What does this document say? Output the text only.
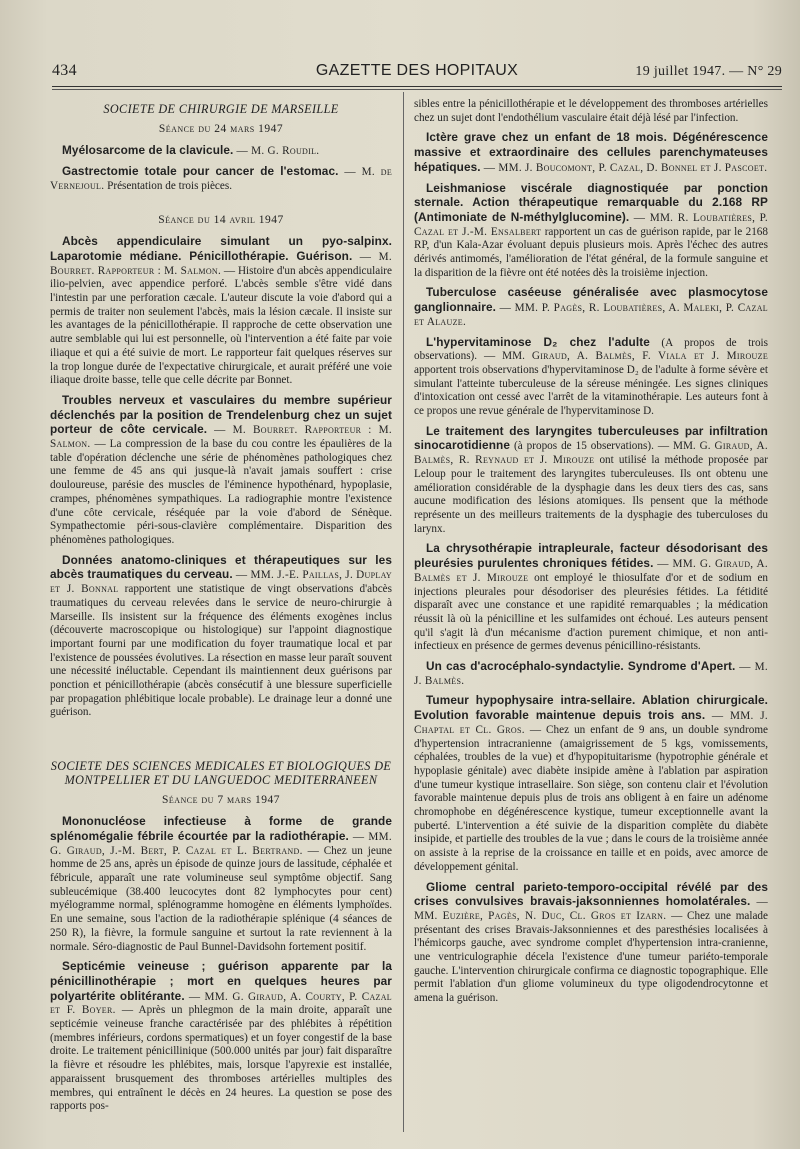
434	GAZETTE DES HOPITAUX	19 juillet 1947. — N° 29
SOCIETE DE CHIRURGIE DE MARSEILLE
Séance du 24 mars 1947

Myélosarcome de la clavicule. — M. G. Roudil.

Gastrectomie totale pour cancer de l'estomac. — M. de Vernejoul. Présentation de trois pièces.

Séance du 14 avril 1947

Abcès appendiculaire simulant un pyo-salpinx. Laparotomie médiane. Pénicillothérapie. Guérison. — M. Bourret. Rapporteur : M. Salmon. — Histoire d'un abcès appendiculaire ilio-pelvien, avec appendice perforé. L'abcès semble s'être vidé dans l'intestin par une perforation cæcale. L'auteur discute la voie d'abord qui a permis de traiter non seulement l'abcès, mais la lésion cæcale. Il insiste sur les avantages de la pénicillothérapie. Il rapproche de cette observation une autre semblable qui lui est personnelle, où l'intervention a été faite par voie iliaque et qui a été suivie de mort. Le rapporteur fait quelques réserves sur la trop longue durée de l'expectative chirurgicale, et aurait préféré une voie iliaque droite basse, telle que celle décrite par Bonnet.

Troubles nerveux et vasculaires du membre supérieur déclenchés par la position de Trendelenburg chez un sujet porteur de côte cervicale. — M. Bourret. Rapporteur : M. Salmon. — La compression de la base du cou contre les épaulières de la table d'opération déclenche une série de phénomènes pathologiques chez une femme de 45 ans qui jusque-là n'avait jamais souffert : crise douloureuse, parésie des muscles de l'éminence hypothénard, hypoplasie, crampes, phénomènes sympathiques. La radiographie montre l'existence d'une côte cervicale, réséquée par la voie d'abord de Sénèque. Sympathectomie péri-sous-clavière complémentaire. Disparition des phénomènes pathologiques.

Données anatomo-cliniques et thérapeutiques sur les abcès traumatiques du cerveau. — MM. J.-E. Paillas, J. Duplay et J. Bonnal rapportent une statistique de vingt observations d'abcès traumatiques du cerveau relevées dans le service de neuro-chirurgie à Marseille. Ils insistent sur la fréquence des éléments exogènes inclus (découverte macroscopique ou histologique) sur l'appoint diagnostique important fourni par une modification du foyer traumatique local et par l'existence de poussées évolutives. La résection en masse leur paraît souvent une nécessité inéluctable. Cependant ils maintiennent deux guérisons par ponction et pénicillothérapie (abcès consécutif à une blessure superficielle par propagation phlébitique locale probable). Le drainage leur a donné une guérison.

SOCIETE DES SCIENCES MEDICALES ET BIOLOGIQUES DE MONTPELLIER ET DU LANGUEDOC MEDITERRANEEN
Séance du 7 mars 1947

Mononucléose infectieuse à forme de grande splénomégalie fébrile écourtée par la radiothérapie. — MM. G. Giraud, J.-M. Bert, P. Cazal et L. Bertrand. — Chez un jeune homme de 25 ans, après un épisode de quinze jours de lassitude, céphalée et fébricule, apparaît une rate volumineuse seul symptôme objectif. Sang subleucémique (38.400 leucocytes dont 82 lymphocytes pour cent) myélogramme normal, splénogramme homogène en éléments lymphoïdes. En une semaine, sous l'action de la radiothérapie splénique (4 séances de 250 R), la fièvre, la formule sanguine et surtout la rate reviennent à la normale. Séro-diagnostic de Paul Bunnel-Davidsohn fortement positif.

Septicémie veineuse ; guérison apparente par la pénicillinothérapie ; mort en quelques heures par polyartérite oblitérante. — MM. G. Giraud, A. Courty, P. Cazal et F. Boyer. — Après un phlegmon de la main droite, apparaît une septicémie veineuse franche caractérisée par des phlébites à répétition (membres inférieurs, cordons spermatiques) et un foyer congestif de la base droite. Le traitement pénicillinique (500.000 unités par jour) fait disparaître la fièvre et résoudre les phlébites, mais, lorsque l'apyrexie est installée, apparaissent brusquement des thromboses artérielles multiples des membres, qui entraînent le décès en 24 heures. La question se pose des rapports pos-

sibles entre la pénicillothérapie et le développement des thromboses artérielles chez un sujet dont l'endothélium vasculaire était déjà lésé par l'infection.

Ictère grave chez un enfant de 18 mois. Dégénérescence massive et extraordinaire des cellules parenchymateuses hépatiques. — MM. J. Boucomont, P. Cazal, D. Bonnel et J. Pascoet.

Leishmaniose viscérale diagnostiquée par ponction sternale. Action thérapeutique remarquable du 2.168 RP (Antimoniate de N-méthylglucomine). — MM. R. Loubatières, P. Cazal et J.-M. Ensalbert rapportent un cas de guérison rapide, par le 2168 RP, d'un Kala-Azar évoluant depuis plusieurs mois. Après l'échec des autres dérivés antimomés, l'amélioration de l'état général, de la formule sanguine et la disparition de la fièvre ont été notées dès la troisième injection.

Tuberculose caséeuse généralisée avec plasmocytose ganglionnaire. — MM. P. Pagès, R. Loubatières, A. Maleki, P. Cazal et Alauze.

L'hypervitaminose D₂ chez l'adulte (A propos de trois observations). — MM. Giraud, A. Balmès, F. Viala et J. Mirouze apportent trois observations d'hypervitaminose D₂ de l'adulte à forme sévère et simulant l'atteinte tuberculeuse de la séreuse méningée. Les signes cliniques d'intoxication ont cessé avec l'arrêt de la vitaminothérapie. Les auteurs font à ce propos une revue générale de l'hypervitaminose D.

Le traitement des laryngites tuberculeuses par infiltration sinocarotidienne (à propos de 15 observations). — MM. G. Giraud, A. Balmès, R. Reynaud et J. Mirouze ont utilisé la méthode proposée par Leloup pour le traitement des laryngites tuberculeuses. Ils ont obtenu une amélioration considérable de la dysphagie dans les deux tiers des cas, sans aucune modification des lésions atomiques. Ils pensent que la méthode représente un des meilleurs traitements de la dysphagie des tuberculoses du larynx.

La chrysothérapie intrapleurale, facteur désodorisant des pleurésies purulentes chroniques fétides. — MM. G. Giraud, A. Balmès et J. Mirouze ont employé le thiosulfate d'or et de sodium en injections pleurales pour désodoriser des pleurésies fétides. La fétidité disparaît avec une constance et une rapidité remarquables ; la médication réussit là où la pénicilline et les sulfamides ont échoué. Les auteurs pensent qu'il s'agit là d'un mécanisme d'action purement chimique, et non anti-infectieux en présence de germes devenus pénicillino-résistants.

Un cas d'acrocéphalo-syndactylie. Syndrome d'Apert. — M. J. Balmès.

Tumeur hypophysaire intra-sellaire. Ablation chirurgicale. Evolution favorable maintenue depuis trois ans. — MM. J. Chaptal et Cl. Gros. — Chez un enfant de 9 ans, un double syndrome d'hypertension intracranienne (amaigrissement de 5 kgs, vomissements, céphalées, troubles de la vue) et d'hypopituitarisme (hypotrophie générale et hypoplasie génitale) avec diabète insipide amène à l'ablation par aspiration d'une tumeur kystique intrasellaire. Son siège, son contenu clair et l'évolution favorable maintenue depuis plus de trois ans obligent à en faire un adénome chromophobe en dégénérescence kystique, tumeur exceptionnelle avant la puberté. L'intervention a été suivie de la disparition complète du diabète insipide, et partielle des troubles de la vue ; dans le cours de la troisième année on assiste à la reprise de la croissance en taille et en poids, avec amorce de développement génital.

Gliome central parieto-temporo-occipital révélé par des crises convulsives bravais-jaksonniennes homolatérales. — MM. Euzière, Pagès, N. Duc, Cl. Gros et Izarn. — Chez une malade présentant des crises Bravais-Jaksonniennes et des paresthésies localisées à l'hémicorps gauche, avec syndrome complet d'hypertension intra-cranienne, une ventriculographie décela l'existence d'une tumeur pariéto-temporale gauche. L'intervention chirurgicale confirma ce diagnostic topographique. Elle permit l'ablation d'un gliome volumineux du type oligodendrocytonne et amena la guérison.
